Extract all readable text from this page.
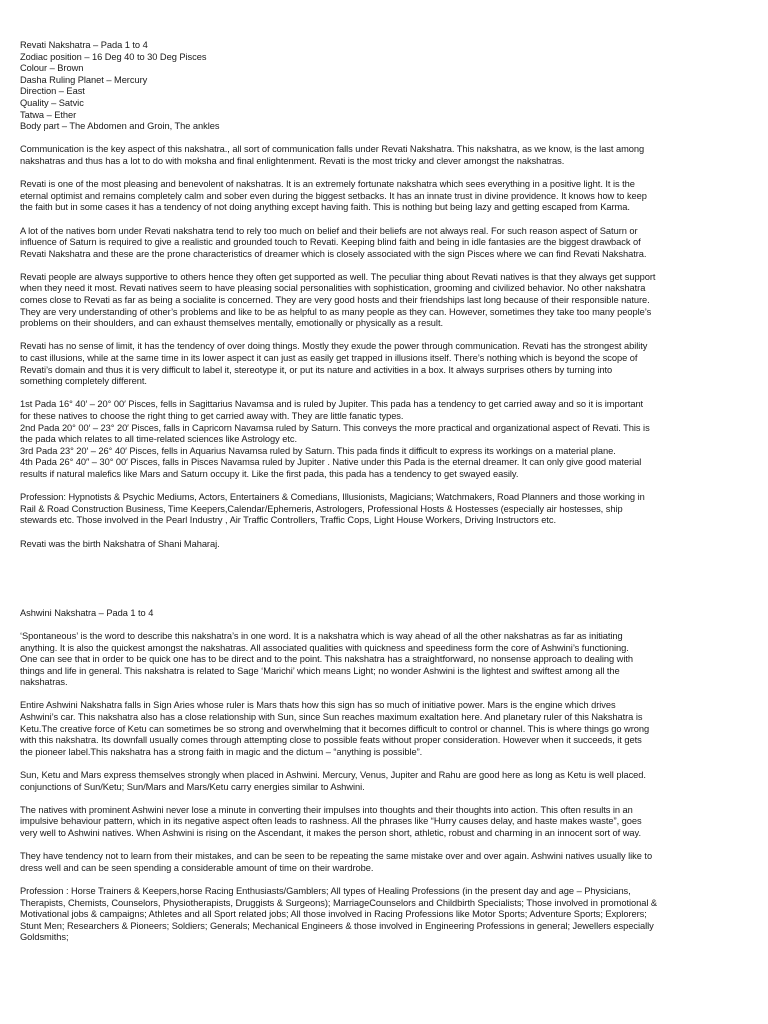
Revati Nakshatra – Pada 1 to 4
Zodiac position – 16 Deg 40 to 30 Deg Pisces
Colour – Brown
Dasha Ruling Planet – Mercury
Direction – East
Quality – Satvic
Tatwa – Ether
Body part – The Abdomen and Groin, The ankles
Communication is the key aspect of this nakshatra., all sort of communication falls under Revati Nakshatra. This nakshatra, as we know, is the last among
nakshatras and thus has a lot to do with moksha and final enlightenment. Revati is the most tricky and clever amongst the nakshatras.
Revati is one of the most pleasing and benevolent of nakshatras. It is an extremely fortunate nakshatra which sees everything in a positive light. It is the
eternal optimist and remains completely calm and sober even during the biggest setbacks. It has an innate trust in divine providence. It knows how to keep
the faith but in some cases it has a tendency of not doing anything except having faith. This is nothing but being lazy and getting escaped from Karma.
A lot of the natives born under Revati nakshatra tend to rely too much on belief and their beliefs are not always real. For such reason aspect of Saturn or
influence of Saturn is required to give a realistic and grounded touch to Revati. Keeping blind faith and being in idle fantasies are the biggest drawback of
Revati Nakshatra and these are the prone characteristics of dreamer which is closely associated with the sign Pisces where we can find Revati Nakshatra.
Revati people are always supportive to others hence they often get supported as well. The peculiar thing about Revati natives is that they always get support
when they need it most. Revati natives seem to have pleasing social personalities with sophistication, grooming and civilized behavior. No other nakshatra
comes close to Revati as far as being a socialite is concerned. They are very good hosts and their friendships last long because of their responsible nature.
They are very understanding of other’s problems and like to be as helpful to as many people as they can. However, sometimes they take too many people’s
problems on their shoulders, and can exhaust themselves mentally, emotionally or physically as a result.
Revati has no sense of limit, it has the tendency of over doing things. Mostly they exude the power through communication. Revati has the strongest ability
to cast illusions, while at the same time in its lower aspect it can just as easily get trapped in illusions itself. There’s nothing which is beyond the scope of
Revati’s domain and thus it is very difficult to label it, stereotype it, or put its nature and activities in a box. It always surprises others by turning into
something completely different.
1st Pada 16° 40′ – 20° 00′ Pisces, fells in Sagittarius Navamsa and is ruled by Jupiter. This pada has a tendency to get carried away and so it is important
for these natives to choose the right thing to get carried away with. They are little fanatic types.
2nd Pada 20° 00′ – 23° 20′ Pisces, falls in Capricorn Navamsa ruled by Saturn. This conveys the more practical and organizational aspect of Revati. This is
the pada which relates to all time-related sciences like Astrology etc.
3rd Pada 23° 20′ – 26° 40′ Pisces, fells in Aquarius Navamsa ruled by Saturn. This pada finds it difficult to express its workings on a material plane.
4th Pada 26° 40″ – 30° 00′ Pisces, falls in Pisces Navamsa ruled by Jupiter . Native under this Pada is the eternal dreamer. It can only give good material
results if natural malefics like Mars and Saturn occupy it. Like the first pada, this pada has a tendency to get swayed easily.
Profession: Hypnotists & Psychic Mediums, Actors, Entertainers & Comedians, Illusionists, Magicians; Watchmakers, Road Planners and those working in
Rail & Road Construction Business, Time Keepers,Calendar/Ephemeris, Astrologers, Professional Hosts & Hostesses (especially air hostesses, ship
stewards etc. Those involved in the Pearl Industry , Air Traffic Controllers, Traffic Cops, Light House Workers, Driving Instructors etc.
Revati was the birth Nakshatra of Shani Maharaj.
Ashwini Nakshatra – Pada 1 to 4
‘Spontaneous’ is the word to describe this nakshatra’s in one word. It is a nakshatra which is way ahead of all the other nakshatras as far as initiating
anything. It is also the quickest amongst the nakshatras. All associated qualities with quickness and speediness form the core of Ashwini’s functioning.
One can see that in order to be quick one has to be direct and to the point. This nakshatra has a straightforward, no nonsense approach to dealing with
things and life in general. This nakshatra is related to Sage ‘Marichi’ which means Light; no wonder Ashwini is the lightest and swiftest among all the
nakshatras.
Entire Ashwini Nakshatra falls in Sign Aries whose ruler is Mars thats how this sign has so much of initiative power. Mars is the engine which drives
Ashwini’s car. This nakshatra also has a close relationship with Sun, since Sun reaches maximum exaltation here. And planetary ruler of this Nakshatra is
Ketu.The creative force of Ketu can sometimes be so strong and overwhelming that it becomes difficult to control or channel. This is where things go wrong
with this nakshatra. Its downfall usually comes through attempting close to possible feats without proper consideration. However when it succeeds, it gets
the pioneer label.This nakshatra has a strong faith in magic and the dictum – “anything is possible”.
Sun, Ketu and Mars express themselves strongly when placed in Ashwini. Mercury, Venus, Jupiter and Rahu are good here as long as Ketu is well placed.
conjunctions of Sun/Ketu; Sun/Mars and Mars/Ketu carry energies similar to Ashwini.
The natives with prominent Ashwini never lose a minute in converting their impulses into thoughts and their thoughts into action. This often results in an
impulsive behaviour pattern, which in its negative aspect often leads to rashness. All the phrases like “Hurry causes delay, and haste makes waste”, goes
very well to Ashwini natives. When Ashwini is rising on the Ascendant, it makes the person short, athletic, robust and charming in an innocent sort of way.
They have tendency not to learn from their mistakes, and can be seen to be repeating the same mistake over and over again. Ashwini natives usually like to
dress well and can be seen spending a considerable amount of time on their wardrobe.
Profession : Horse Trainers & Keepers,horse Racing Enthusiasts/Gamblers; All types of Healing Professions (in the present day and age – Physicians,
Therapists, Chemists, Counselors, Physiotherapists, Druggists & Surgeons); MarriageCounselors and Childbirth Specialists; Those involved in promotional &
Motivational jobs & campaigns; Athletes and all Sport related jobs; All those involved in Racing Professions like Motor Sports; Adventure Sports; Explorers;
Stunt Men; Researchers & Pioneers; Soldiers; Generals; Mechanical Engineers & those involved in Engineering Professions in general; Jewellers especially
Goldsmiths;
